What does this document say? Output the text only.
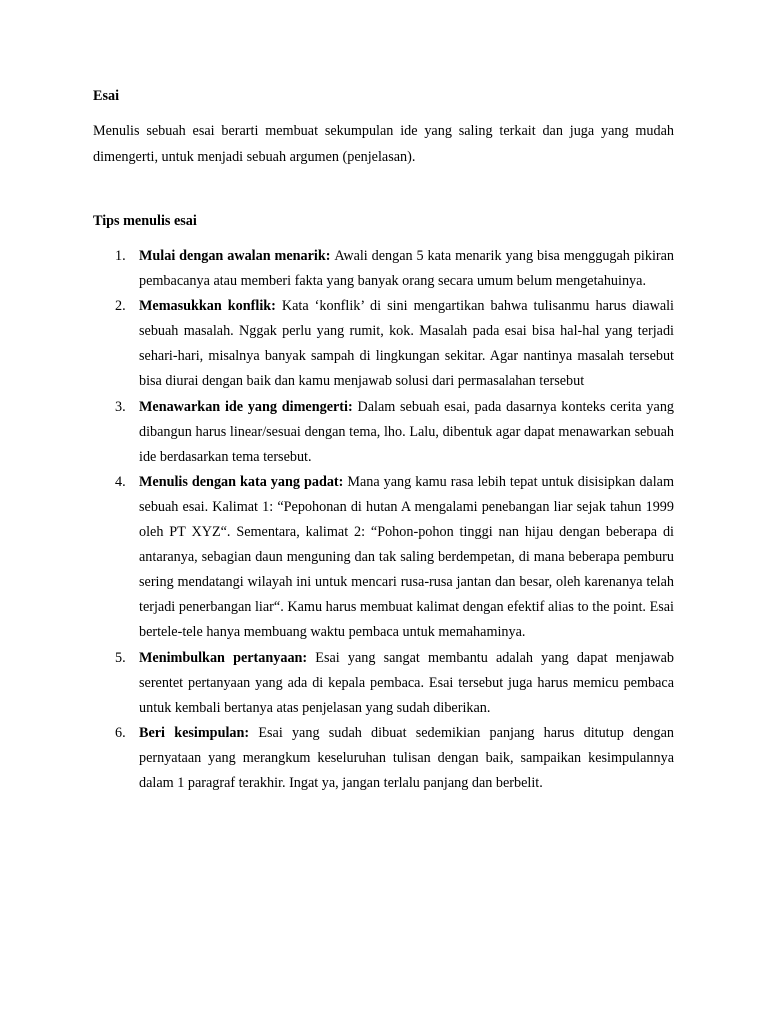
Esai

Menulis sebuah esai berarti membuat sekumpulan ide yang saling terkait dan juga yang mudah dimengerti, untuk menjadi sebuah argumen (penjelasan).

Tips menulis esai

1. Mulai dengan awalan menarik: Awali dengan 5 kata menarik yang bisa menggugah pikiran pembacanya atau memberi fakta yang banyak orang secara umum belum mengetahuinya.
2. Memasukkan konflik: Kata ‘konflik’ di sini mengartikan bahwa tulisanmu harus diawali sebuah masalah. Nggak perlu yang rumit, kok. Masalah pada esai bisa hal-hal yang terjadi sehari-hari, misalnya banyak sampah di lingkungan sekitar. Agar nantinya masalah tersebut bisa diurai dengan baik dan kamu menjawab solusi dari permasalahan tersebut
3. Menawarkan ide yang dimengerti: Dalam sebuah esai, pada dasarnya konteks cerita yang dibangun harus linear/sesuai dengan tema, lho. Lalu, dibentuk agar dapat menawarkan sebuah ide berdasarkan tema tersebut.
4. Menulis dengan kata yang padat: Mana yang kamu rasa lebih tepat untuk disisipkan dalam sebuah esai. Kalimat 1: “Pepohonan di hutan A mengalami penebangan liar sejak tahun 1999 oleh PT XYZ“. Sementara, kalimat 2: “Pohon-pohon tinggi nan hijau dengan beberapa di antaranya, sebagian daun menguning dan tak saling berdempetan, di mana beberapa pemburu sering mendatangi wilayah ini untuk mencari rusa-rusa jantan dan besar, oleh karenanya telah terjadi penerbangan liar“. Kamu harus membuat kalimat dengan efektif alias to the point. Esai bertele-tele hanya membuang waktu pembaca untuk memahaminya.
5. Menimbulkan pertanyaan: Esai yang sangat membantu adalah yang dapat menjawab serentet pertanyaan yang ada di kepala pembaca. Esai tersebut juga harus memicu pembaca untuk kembali bertanya atas penjelasan yang sudah diberikan.
6. Beri kesimpulan: Esai yang sudah dibuat sedemikian panjang harus ditutup dengan pernyataan yang merangkum keseluruhan tulisan dengan baik, sampaikan kesimpulannya dalam 1 paragraf terakhir. Ingat ya, jangan terlalu panjang dan berbelit.
